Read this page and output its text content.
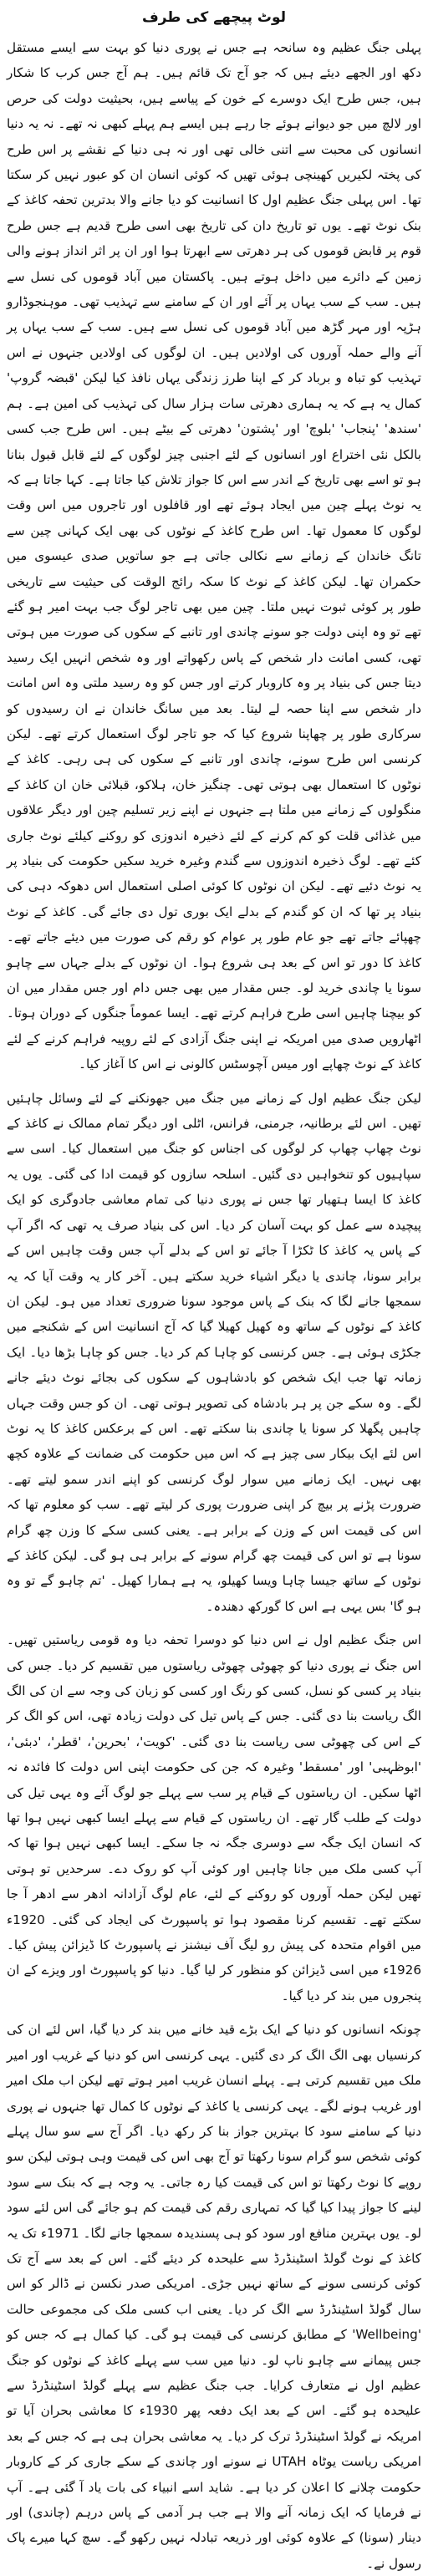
لوٹ پیچھے کی طرف

پہلی جنگ عظیم وہ سانحہ ہے جس نے پوری دنیا کو بہت سے ایسے مستقل دکھ اور الجھے دیئے ہیں کہ جو آج تک قائم ہیں۔ ہم آج جس کرب کا شکار ہیں، جس طرح ایک دوسرے کے خون کے پیاسے ہیں، بحیثیت دولت کی حرص اور لالچ میں جو دیوانے ہوئے جا رہے ہیں ایسے ہم پہلے کبھی نہ تھے۔ نہ یہ دنیا انسانوں کی محبت سے اتنی خالی تھی اور نہ ہی دنیا کے نقشے پر اس طرح کی پختہ لکیریں کھینچی ہوئی تھیں کہ کوئی انسان ان کو عبور نہیں کر سکتا تھا۔ اس پہلی جنگ عظیم اول کا انسانیت کو دیا جانے والا بدترین تحفہ کاغذ کے بنک نوٹ تھے۔ یوں تو تاریخ دان کی تاریخ بھی اسی طرح قدیم ہے جس طرح قوم پر قابض قوموں کی ہر دھرتی سے ابھرتا ہوا اور ان پر اثر انداز ہونے والی زمین کے دائرے میں داخل ہوتے ہیں۔ پاکستان میں آباد قوموں کی نسل سے ہیں۔ سب کے سب یہاں پر آئے اور ان کے سامنے سے تہذیب تھی۔ موہنجوڈارو ہڑپہ اور مہر گڑھ میں آباد قوموں کی نسل سے ہیں۔ سب کے سب یہاں پر آنے والے حملہ آوروں کی اولادیں ہیں۔ ان لوگوں کی اولادیں جنہوں نے اس تہذیب کو تباہ و برباد کر کے اپنا طرز زندگی یہاں نافذ کیا لیکن 'قبضہ گروپ' کمال یہ ہے کہ یہ ہماری دھرتی سات ہزار سال کی تہذیب کی امین ہے۔ ہم 'سندھ' 'پنجاب' 'بلوچ' اور 'پشتون' دھرتی کے بیٹے ہیں۔ اس طرح جب کسی بالکل نئی اختراع اور انسانوں کے لئے اجنبی چیز لوگوں کے لئے قابل قبول بنانا ہو تو اسے بھی تاریخ کے اندر سے اس کا جواز تلاش کیا جاتا ہے۔ کہا جاتا ہے کہ یہ نوٹ پہلے چین میں ایجاد ہوئے تھے اور قافلوں اور تاجروں میں اس وقت لوگوں کا معمول تھا۔ اس طرح کاغذ کے نوٹوں کی بھی ایک کہانی چین سے تانگ خاندان کے زمانے سے نکالی جاتی ہے جو ساتویں صدی عیسوی میں حکمران تھا۔ لیکن کاغذ کے نوٹ کا سکہ رائج الوقت کی حیثیت سے تاریخی طور پر کوئی ثبوت نہیں ملتا۔ چین میں بھی تاجر لوگ جب بہت امیر ہو گئے تھے تو وہ اپنی دولت جو سونے چاندی اور تانبے کے سکوں کی صورت میں ہوتی تھی، کسی امانت دار شخص کے پاس رکھواتے اور وہ شخص انہیں ایک رسید دیتا جس کی بنیاد پر وہ کاروبار کرتے اور جس کو وہ رسید ملتی وہ اس امانت دار شخص سے اپنا حصہ لے لیتا۔ بعد میں سانگ خاندان نے ان رسیدوں کو سرکاری طور پر چھاپنا شروع کیا کہ جو تاجر لوگ استعمال کرتے تھے۔ لیکن کرنسی اس طرح سونے، چاندی اور تانبے کے سکوں کی ہی رہی۔ کاغذ کے نوٹوں کا استعمال بھی ہوتی تھی۔ چنگیز خان، ہلاکو، قبلائی خان ان کاغذ کے منگولوں کے زمانے میں ملتا ہے جنہوں نے اپنے زیر تسلیم چین اور دیگر علاقوں میں غذائی قلت کو کم کرنے کے لئے ذخیرہ اندوزی کو روکنے کیلئے نوٹ جاری کئے تھے۔ لوگ ذخیرہ اندوزوں سے گندم وغیرہ خرید سکیں حکومت کی بنیاد پر یہ نوٹ دئیے تھے۔ لیکن ان نوٹوں کا کوئی اصلی استعمال اس دھوکہ دہی کی بنیاد پر تھا کہ ان کو گندم کے بدلے ایک بوری تول دی جائے گی۔ کاغذ کے نوٹ چھپائے جاتے تھے جو عام طور پر عوام کو رقم کی صورت میں دیئے جاتے تھے۔ کاغذ کا دور تو اس کے بعد ہی شروع ہوا۔ ان نوٹوں کے بدلے جہاں سے چاہو سونا یا چاندی خرید لو۔ جس مقدار میں بھی جس دام اور جس مقدار میں ان کو بیچنا چاہیں اسی طرح فراہم کرتے تھے۔ ایسا عموماً جنگوں کے دوران ہوتا۔ اٹھارویں صدی میں امریکہ نے اپنی جنگ آزادی کے لئے روپیہ فراہم کرنے کے لئے کاغذ کے نوٹ چھاپے اور میس آچوسٹس کالونی نے اس کا آغاز کیا۔

لیکن جنگ عظیم اول کے زمانے میں جنگ میں جھونکنے کے لئے وسائل چاہئیں تھیں۔ اس لئے برطانیہ، جرمنی، فرانس، اٹلی اور دیگر تمام ممالک نے کاغذ کے نوٹ چھاپ چھاپ کر لوگوں کی اجناس کو جنگ میں استعمال کیا۔ اسی سے سپاہیوں کو تنخواہیں دی گئیں۔ اسلحہ سازوں کو قیمت ادا کی گئی۔ یوں یہ کاغذ کا ایسا ہتھیار تھا جس نے پوری دنیا کی تمام معاشی جادوگری کو ایک پیچیدہ سے عمل کو بہت آسان کر دیا۔ اس کی بنیاد صرف یہ تھی کہ اگر آپ کے پاس یہ کاغذ کا ٹکڑا آ جائے تو اس کے بدلے آپ جس وقت چاہیں اس کے برابر سونا، چاندی یا دیگر اشیاء خرید سکتے ہیں۔ آخر کار یہ وقت آیا کہ یہ سمجھا جانے لگا کہ بنک کے پاس موجود سونا ضروری تعداد میں ہو۔ لیکن ان کاغذ کے نوٹوں کے ساتھ وہ کھیل کھیلا گیا کہ آج انسانیت اس کے شکنجے میں جکڑی ہوئی ہے۔ جس کرنسی کو چاہا کم کر دیا۔ جس کو چاہا بڑھا دیا۔ ایک زمانہ تھا جب ایک شخص کو بادشاہوں کے سکوں کی بجائے نوٹ دیئے جانے لگے۔ وہ سکے جن پر ہر بادشاہ کی تصویر ہوتی تھی۔ ان کو جس وقت جہاں چاہیں پگھلا کر سونا یا چاندی بنا سکتے تھے۔ اس کے برعکس کاغذ کا یہ نوٹ اس لئے ایک بیکار سی چیز ہے کہ اس میں حکومت کی ضمانت کے علاوہ کچھ بھی نہیں۔ ایک زمانے میں سوار لوگ کرنسی کو اپنے اندر سمو لیتے تھے۔ ضرورت پڑنے پر بیچ کر اپنی ضرورت پوری کر لیتے تھے۔ سب کو معلوم تھا کہ اس کی قیمت اس کے وزن کے برابر ہے۔ یعنی کسی سکے کا وزن چھ گرام سونا ہے تو اس کی قیمت چھ گرام سونے کے برابر ہی ہو گی۔ لیکن کاغذ کے نوٹوں کے ساتھ جیسا چاہا ویسا کھیلو، یہ ہے ہمارا کھیل۔ 'تم چاہو گے تو وہ ہو گا' بس یہی ہے اس کا گورکھ دھندہ۔

اس جنگ عظیم اول نے اس دنیا کو دوسرا تحفہ دیا وہ قومی ریاستیں تھیں۔ اس جنگ نے پوری دنیا کو چھوٹی چھوٹی ریاستوں میں تقسیم کر دیا۔ جس کی بنیاد پر کسی کو نسل، کسی کو رنگ اور کسی کو زبان کی وجہ سے ان کی الگ الگ ریاست بنا دی گئی۔ جس کے پاس تیل کی دولت زیادہ تھی، اس کو الگ کر کے اس کی چھوٹی سی ریاست بنا دی گئی۔ 'کویت'، 'بحرین'، 'قطر'، 'دبئی'، 'ابوظہبی' اور 'مسقط' وغیرہ کہ جن کی حکومت اپنی اس دولت کا فائدہ نہ اٹھا سکیں۔ ان ریاستوں کے قیام پر سب سے پہلے جو لوگ آئے وہ یہی تیل کی دولت کے طلب گار تھے۔ ان ریاستوں کے قیام سے پہلے ایسا کبھی نہیں ہوا تھا کہ انسان ایک جگہ سے دوسری جگہ نہ جا سکے۔ ایسا کبھی نہیں ہوا تھا کہ آپ کسی ملک میں جانا چاہیں اور کوئی آپ کو روک دے۔ سرحدیں تو ہوتی تھیں لیکن حملہ آوروں کو روکنے کے لئے، عام لوگ آزادانہ ادھر سے ادھر آ جا سکتے تھے۔ تقسیم کرنا مقصود ہوا تو پاسپورٹ کی ایجاد کی گئی۔ 1920ء میں اقوام متحدہ کی پیش رو لیگ آف نیشنز نے پاسپورٹ کا ڈیزائن پیش کیا۔ 1926ء میں اسی ڈیزائن کو منظور کر لیا گیا۔ دنیا کو پاسپورٹ اور ویزے کے ان پنجروں میں بند کر دیا گیا۔

چونکہ انسانوں کو دنیا کے ایک بڑے قید خانے میں بند کر دیا گیا، اس لئے ان کی کرنسیاں بھی الگ الگ کر دی گئیں۔ یہی کرنسی اس کو دنیا کے غریب اور امیر ملک میں تقسیم کرتی ہے۔ پہلے انسان غریب امیر ہوتے تھے لیکن اب ملک امیر اور غریب ہونے لگے۔ یہی کرنسی یا کاغذ کے نوٹوں کا کمال تھا جنہوں نے پوری دنیا کے سامنے سود کا بہترین جواز بنا کر رکھ دیا۔ اگر آج سے سو سال پہلے کوئی شخص سو گرام سونا رکھتا تو آج بھی اس کی قیمت وہی ہوتی لیکن سو روپے کا نوٹ رکھتا تو اس کی قیمت کیا رہ جاتی۔ یہ وجہ ہے کہ بنک سے سود لینے کا جواز پیدا کیا گیا کہ تمہاری رقم کی قیمت کم ہو جائے گی اس لئے سود لو۔ یوں بہترین منافع اور سود کو ہی پسندیدہ سمجھا جانے لگا۔ 1971ء تک یہ کاغذ کے نوٹ گولڈ اسٹینڈرڈ سے علیحدہ کر دیئے گئے۔ اس کے بعد سے آج تک کوئی کرنسی سونے کے ساتھ نہیں جڑی۔ امریکی صدر نکسن نے ڈالر کو اس سال گولڈ اسٹینڈرڈ سے الگ کر دیا۔ یعنی اب کسی ملک کی مجموعی حالت 'Wellbeing' کے مطابق کرنسی کی قیمت ہو گی۔ کیا کمال ہے کہ جس کو جس پیمانے سے چاہو ناپ لو۔ دنیا میں سب سے پہلے کاغذ کے نوٹوں کو جنگ عظیم اول نے متعارف کرایا۔ جب جنگ عظیم سے پہلے گولڈ اسٹینڈرڈ سے علیحدہ ہو گئے۔ اس کے بعد ایک دفعہ پھر 1930ء کا معاشی بحران آیا تو امریکہ نے گولڈ اسٹینڈرڈ ترک کر دیا۔ یہ معاشی بحران ہی ہے کہ جس کے بعد امریکی ریاست یوٹاہ UTAH نے سونے اور چاندی کے سکے جاری کر کے کاروبار حکومت چلانے کا اعلان کر دیا ہے۔ شاید اسے انبیاء کی بات یاد آ گئی ہے۔ آپ نے فرمایا کہ ایک زمانہ آنے والا ہے جب ہر آدمی کے پاس درہم (چاندی) اور دینار (سونا) کے علاوہ کوئی اور ذریعہ تبادلہ نہیں رکھو گے۔ سچ کہا میرے پاک رسول نے۔
